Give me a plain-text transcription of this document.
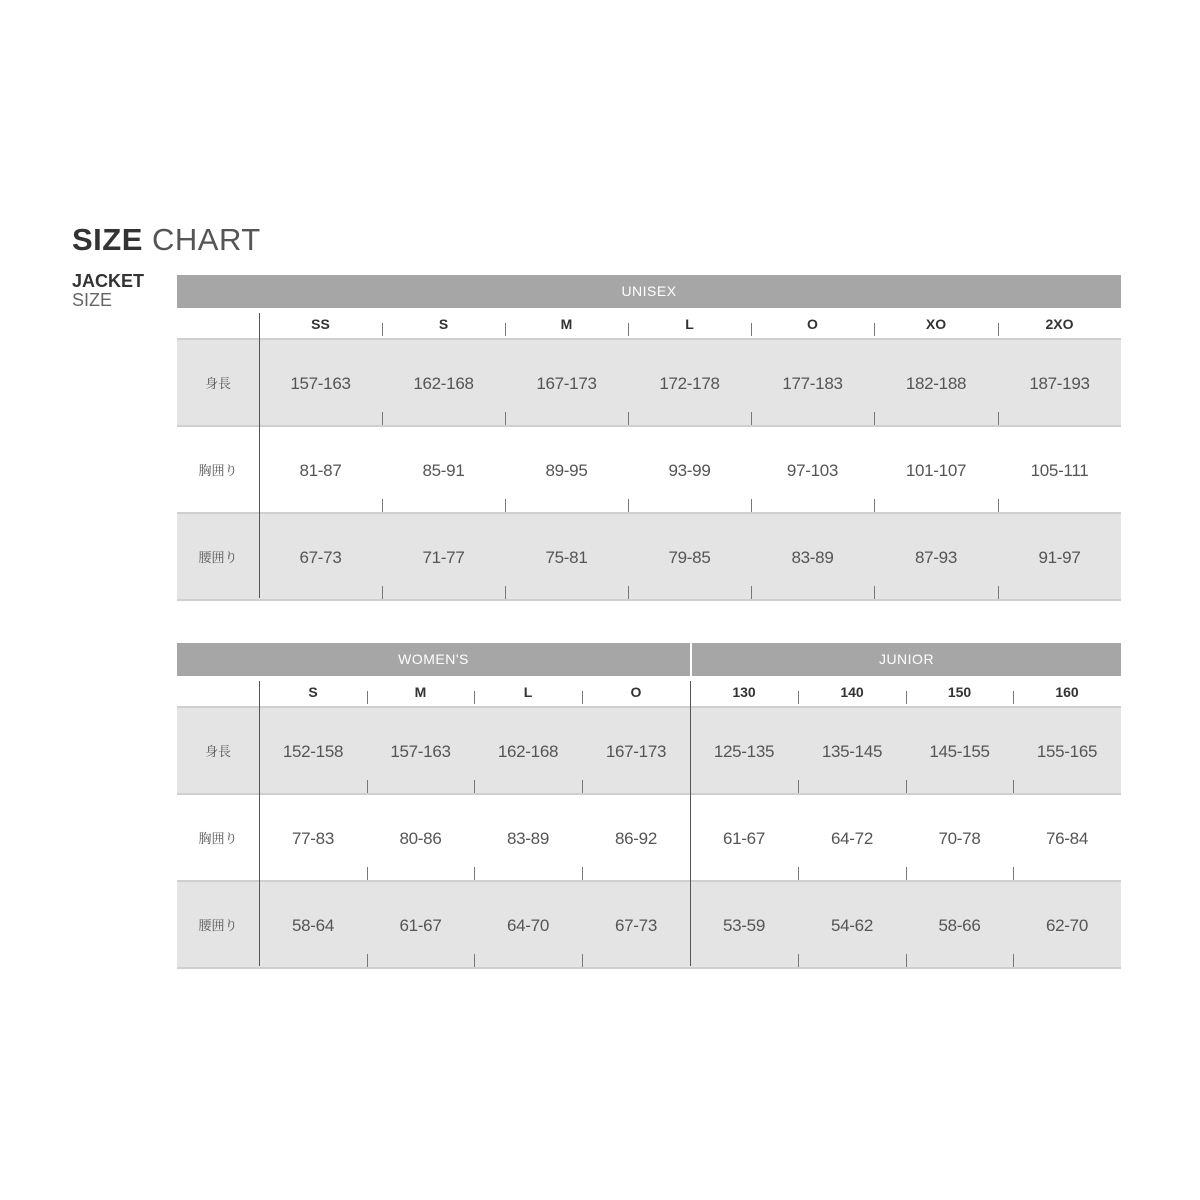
SIZE CHART
JACKET
SIZE	UNISEX
SS	S	M	L	O	XO	2XO
身長	157-163	162-168	167-173	172-178	177-183	182-188	187-193
胸囲り	81-87	85-91	89-95	93-99	97-103	101-107	105-111
腰囲り	67-73	71-77	75-81	79-85	83-89	87-93	91-97
WOMEN'S	JUNIOR
S	M	L	O	130	140	150	160
身長	152-158	157-163	162-168	167-173	125-135	135-145	145-155	155-165
胸囲り	77-83	80-86	83-89	86-92	61-67	64-72	70-78	76-84
腰囲り	58-64	61-67	64-70	67-73	53-59	54-62	58-66	62-70
